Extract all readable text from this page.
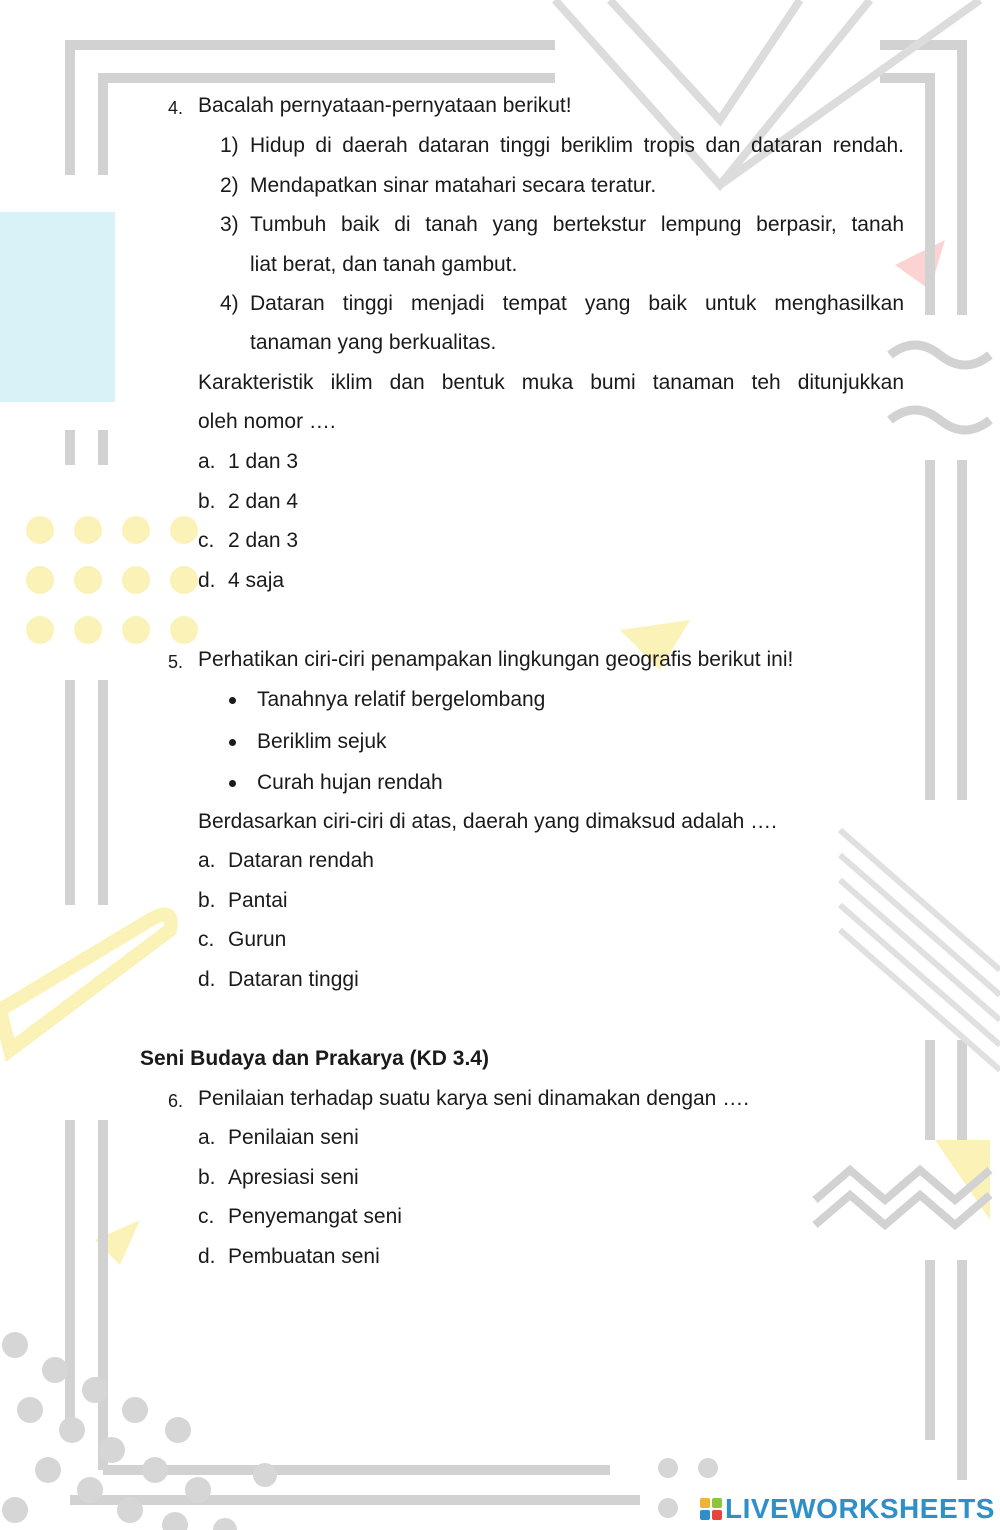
4. Bacalah pernyataan-pernyataan berikut!
1) Hidup di daerah dataran tinggi beriklim tropis dan dataran rendah.
2) Mendapatkan sinar matahari secara teratur.
3) Tumbuh baik di tanah yang bertekstur lempung berpasir, tanah
liat berat, dan tanah gambut.
4) Dataran tinggi menjadi tempat yang baik untuk menghasilkan
tanaman yang berkualitas.
Karakteristik iklim dan bentuk muka bumi tanaman teh ditunjukkan
oleh nomor ….
a. 1 dan 3
b. 2 dan 4
c. 2 dan 3
d. 4 saja
5. Perhatikan ciri-ciri penampakan lingkungan geografis berikut ini!
Tanahnya relatif bergelombang
Beriklim sejuk
Curah hujan rendah
Berdasarkan ciri-ciri di atas, daerah yang dimaksud adalah ….
a. Dataran rendah
b. Pantai
c. Gurun
d. Dataran tinggi
Seni Budaya dan Prakarya (KD 3.4)
6. Penilaian terhadap suatu karya seni dinamakan dengan ….
a. Penilaian seni
b. Apresiasi seni
c. Penyemangat seni
d. Pembuatan seni
LIVEWORKSHEETS
